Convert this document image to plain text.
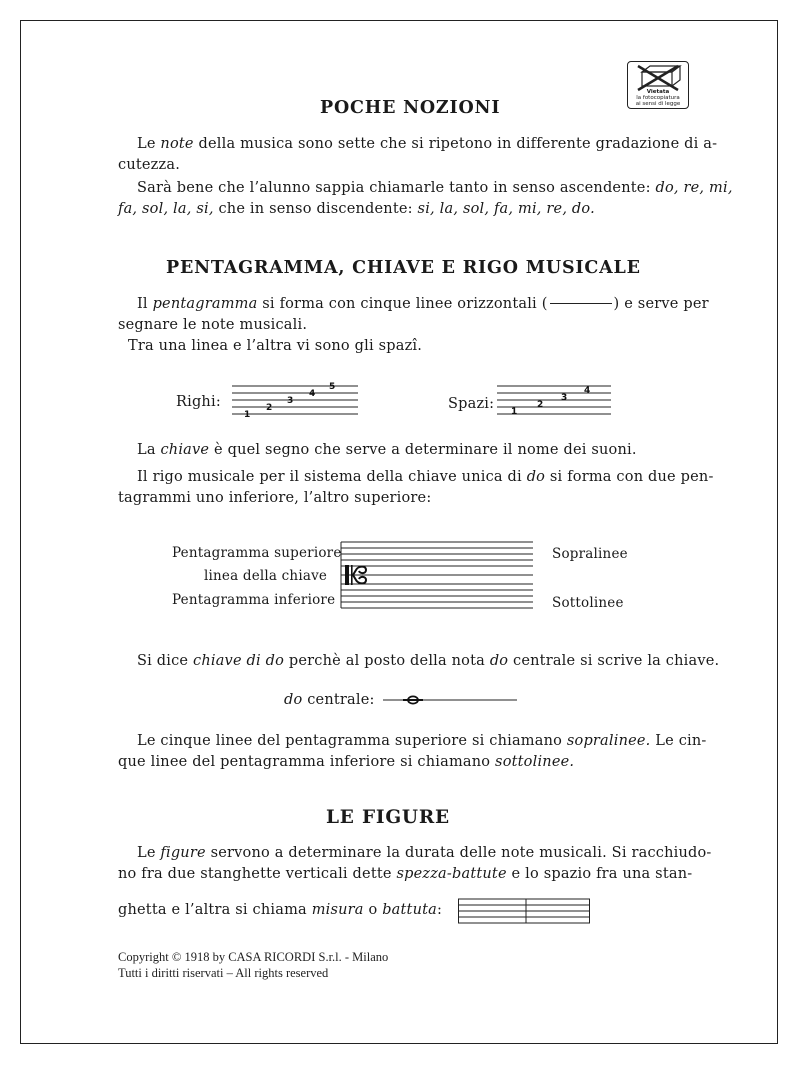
Vietata
la fotocopiatura
ai sensi di legge
POCHE NOZIONI
Le note della musica sono sette che si ripetono in differente gradazione di a-
cutezza.
Sarà bene che l’alunno sappia chiamarle tanto in senso ascendente: do, re, mi,
fa, sol, la, si, che in senso discendente: si, la, sol, fa, mi, re, do.
PENTAGRAMMA, CHIAVE E RIGO MUSICALE
Il pentagramma si forma con cinque linee orizzontali (	) e serve per
segnare le note musicali.
Tra una linea e l’altra vi sono gli spazî.
Righi:
1
2
3
4
5
Spazi: 1
2
3
4
La chiave è quel segno che serve a determinare il nome dei suoni.
Il rigo musicale per il sistema della chiave unica di do si forma con due pen-
tagrammi uno inferiore, l’altro superiore:
Pentagramma superiore
linea della chiave
Pentagramma inferiore
Sopralinee
Sottolinee
Si dice chiave di do perchè al posto della nota do centrale si scrive la chiave.
do centrale:
Le cinque linee del pentagramma superiore si chiamano sopralinee. Le cin-
que linee del pentagramma inferiore si chiamano sottolinee.
LE FIGURE
Le figure servono a determinare la durata delle note musicali. Si racchiudo-
no fra due stanghette verticali dette spezza-battute e lo spazio fra una stan-
ghetta e l’altra si chiama misura o battuta:
Copyright © 1918 by CASA RICORDI S.r.l. - Milano
Tutti i diritti riservati – All rights reserved
